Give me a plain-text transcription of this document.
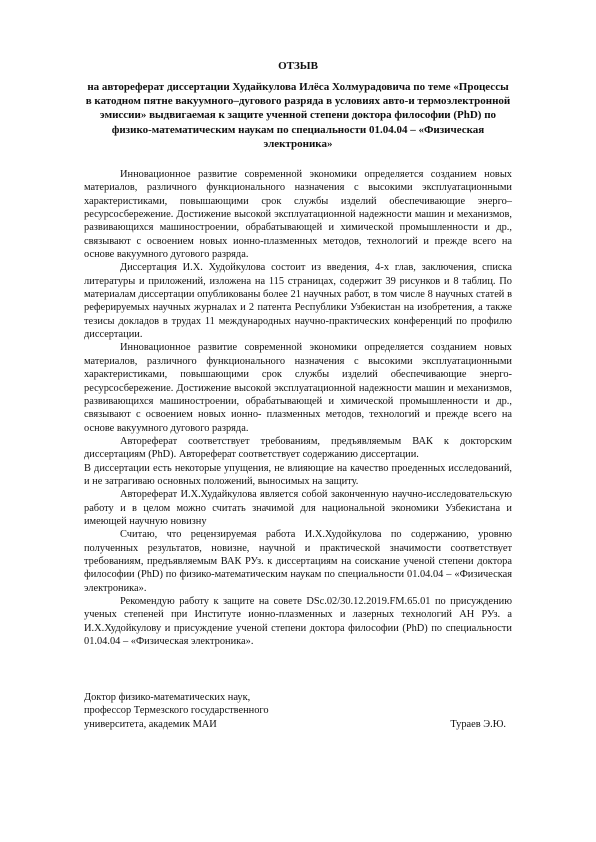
ОТЗЫВ
на автореферат диссертации Худайкулова Илёса Холмурадовича по теме «Процессы в катодном пятне вакуумного–дугового разряда в условиях авто-и термоэлектронной эмиссии» выдвигаемая к защите ученной степени доктора философии (PhD) по физико-математическим наукам по специальности 01.04.04 – «Физическая электроника»

Инновационное развитие современной экономики определяется созданием новых материалов, различного функционального назначения с высокими эксплуатационными характеристиками, повышающими срок службы изделий обеспечивающие энерго–ресурсосбережение. Достижение высокой эксплуатационной надежности машин и механизмов, развивающихся машиностроении, обрабатывающей и химической промышленности и др., связывают с освоением новых ионно-плазменных методов, технологий и прежде всего на основе вакуумного дугового разряда.

Диссертация И.Х. Худойкулова состоит из введения, 4-х глав, заключения, списка литературы и приложений, изложена на 115 страницах, содержит 39 рисунков и 8 таблиц. По материалам диссертации опубликованы более 21 научных работ, в том числе 8 научных статей в реферируемых научных журналах и 2 патента Республики Узбекистан на изобретения, а также тезисы докладов в трудах 11 международных научно-практических конференций по профилю диссертации.

Инновационное развитие современной экономики определяется созданием новых материалов, различного функционального назначения с высокими эксплуатационными характеристиками, повышающими срок службы изделий обеспечивающие энерго-ресурсосбережение. Достижение высокой эксплуатационной надежности машин и механизмов, развивающихся машиностроении, обрабатывающей и химической промышленности и др., связывают с освоением новых ионно- плазменных методов, технологий и прежде всего на основе вакуумного дугового разряда.

Автореферат соответствует требованиям, предъявляемым ВАК к докторским диссертациям (PhD). Автореферат соответствует содержанию диссертации.

В диссертации есть некоторые упущения, не влияющие на качество проеденных исследований, и не затрагиваю основных положений, выносимых на защиту.

Автореферат И.Х.Худайкулова является собой законченную научно-исследовательскую работу и в целом можно считать значимой для национальной экономики Узбекистана и имеющей научную новизну

Считаю, что рецензируемая работа И.Х.Худойкулова по содержанию, уровню полученных результатов, новизне, научной и практической значимости соответствует требованиям, предъявляемым ВАК РУз. к диссертациям на соискание ученой степени доктора философии (PhD) по физико-математическим наукам по специальности 01.04.04 – «Физическая электроника».

Рекомендую работу к защите на совете DSc.02/30.12.2019.FM.65.01 по присуждению ученых степеней при Институте ионно-плазменных и лазерных технологий АН РУз. а И.Х.Худойкулову и присуждение ученой степени доктора философии (PhD) по специальности 01.04.04 – «Физическая электроника».

Доктор физико-математических наук,
профессор Термезского государственного
университета, академик МАИ	Тураев Э.Ю.
